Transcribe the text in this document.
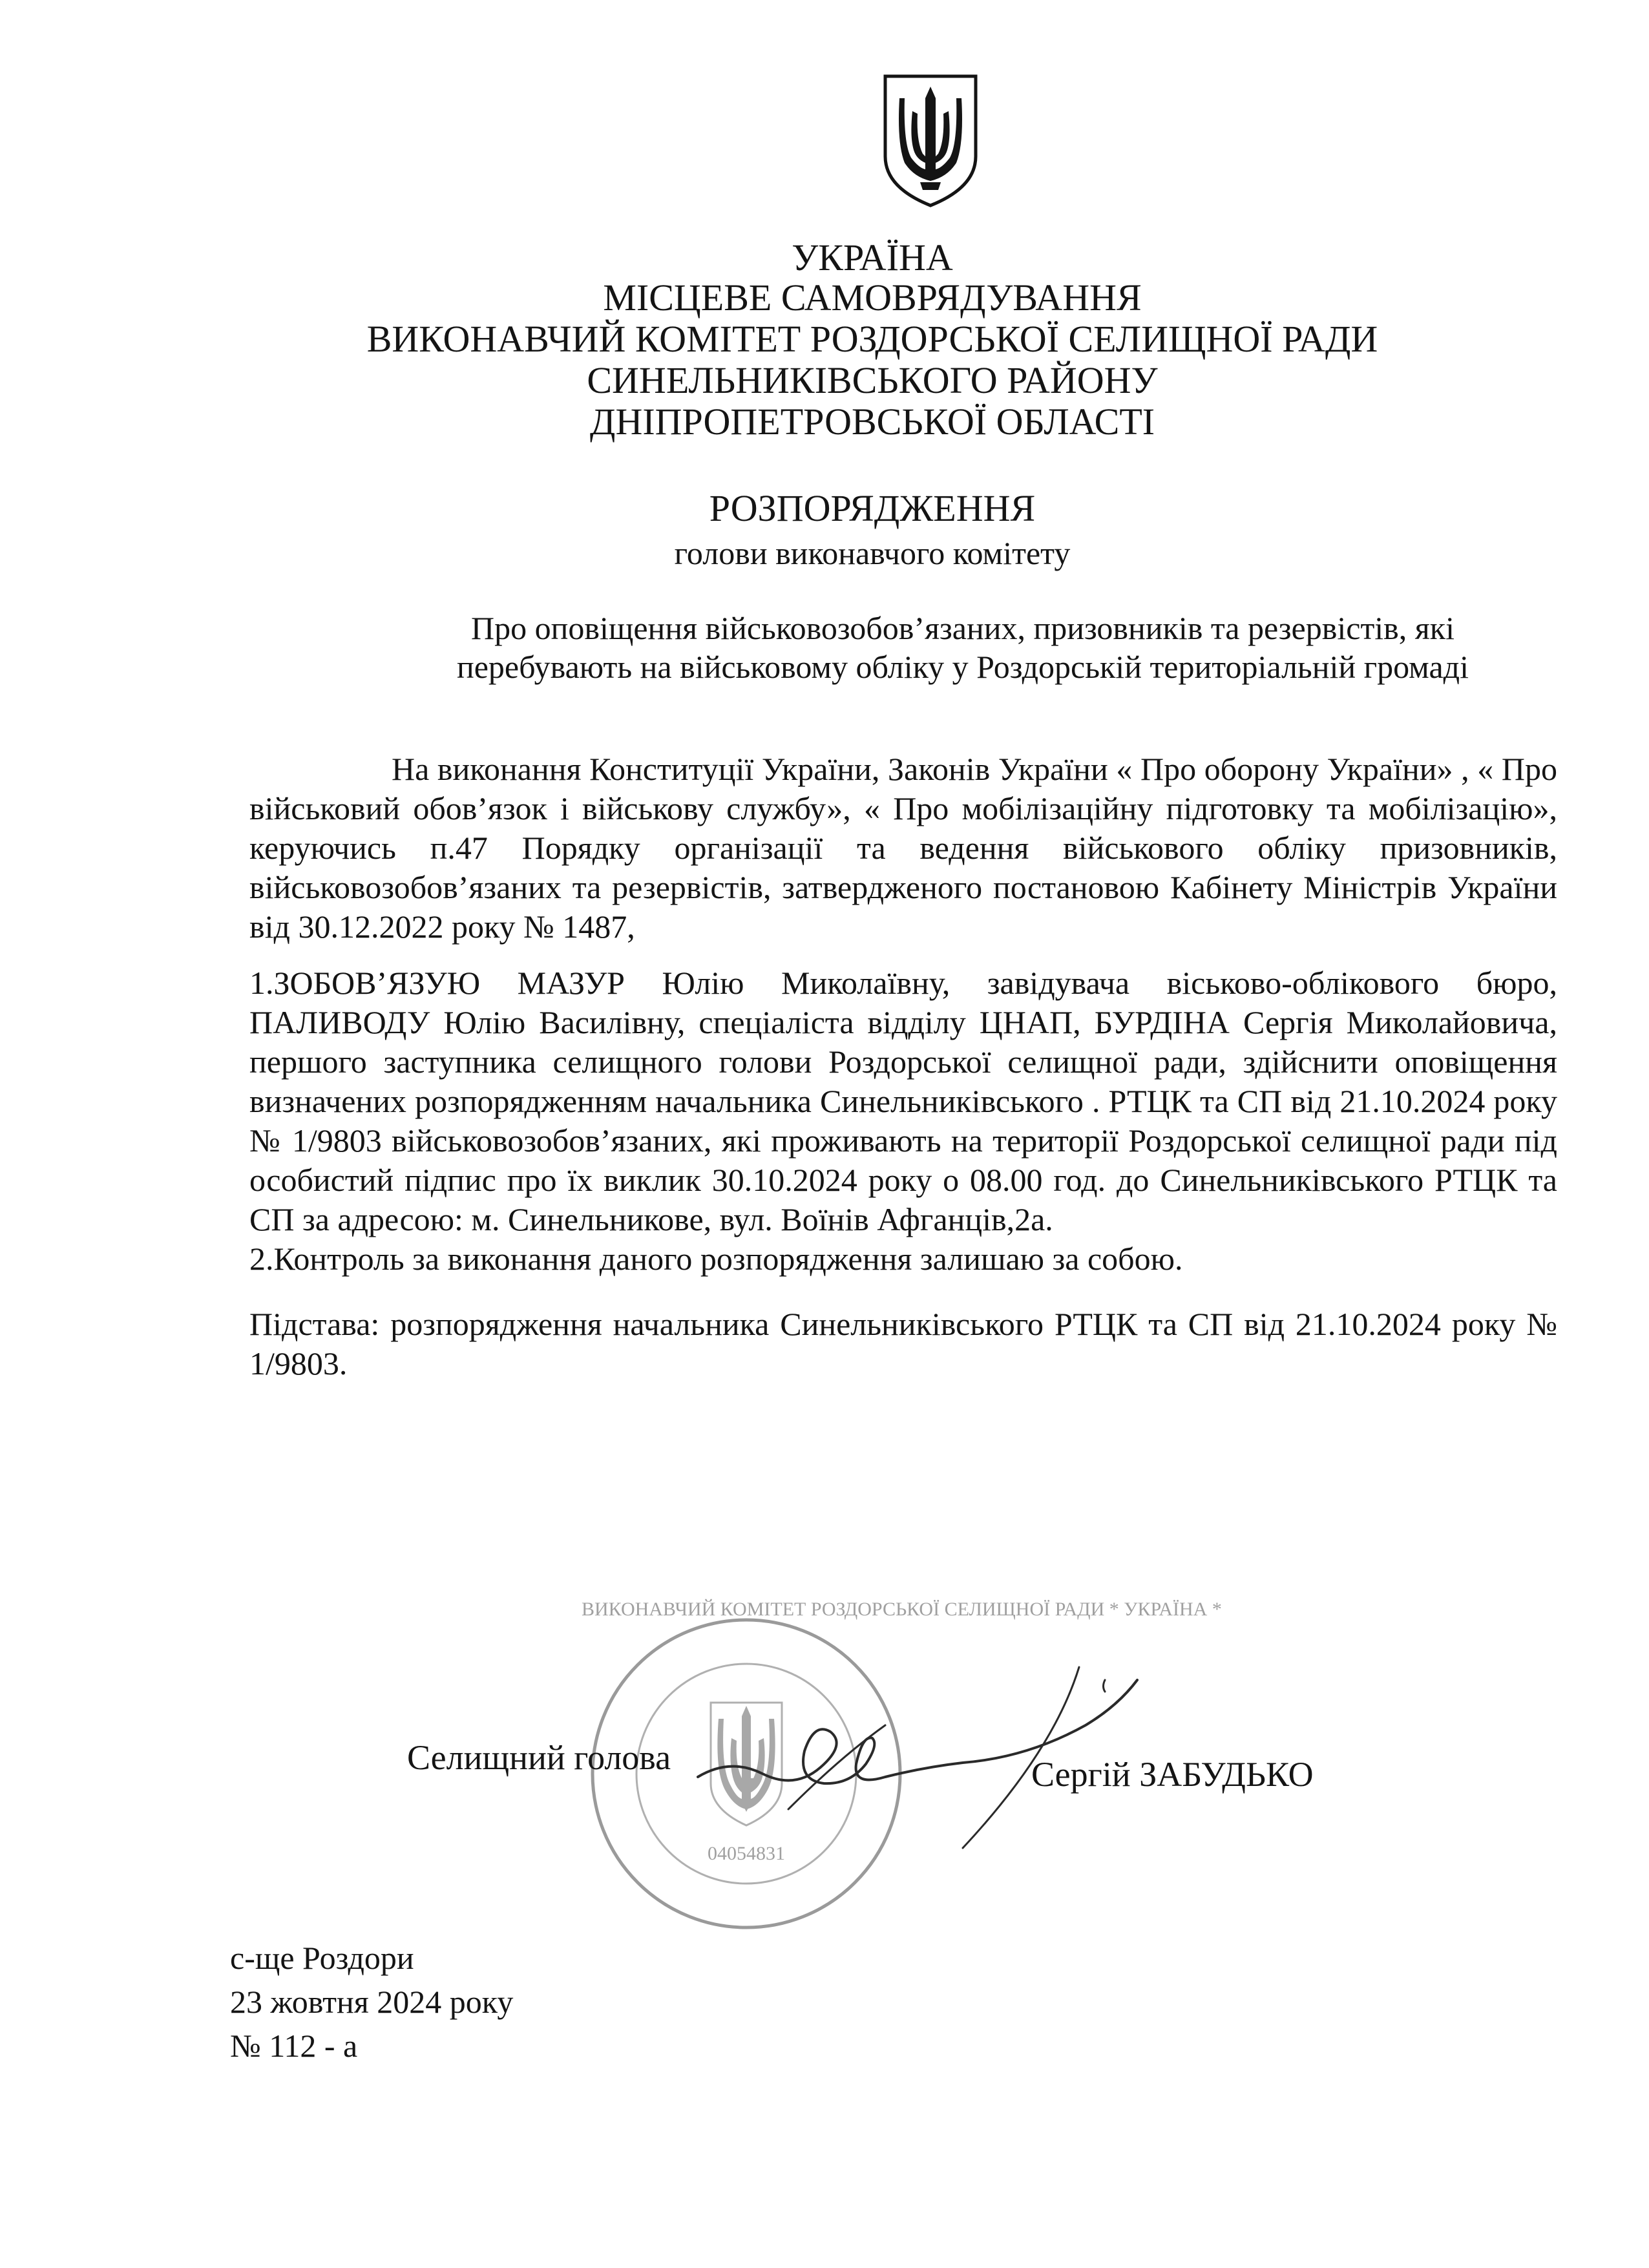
УКРАЇНА
МІСЦЕВЕ САМОВРЯДУВАННЯ
ВИКОНАВЧИЙ КОМІТЕТ РОЗДОРСЬКОЇ СЕЛИЩНОЇ РАДИ
СИНЕЛЬНИКІВСЬКОГО РАЙОНУ
ДНІПРОПЕТРОВСЬКОЇ ОБЛАСТІ
РОЗПОРЯДЖЕННЯ
голови виконавчого комітету
Про оповіщення військовозобов’язаних, призовників та резервістів, які
перебувають на військовому обліку у Роздорській територіальній громаді

На виконання Конституції України, Законів України « Про оборону України» , « Про військовий обов’язок і військову службу», « Про мобілізаційну підготовку та мобілізацію», керуючись п.47 Порядку організації та ведення військового обліку призовників, військовозобов’язаних та резервістів, затвердженого постановою Кабінету Міністрів України від 30.12.2022 року № 1487,

1.ЗОБОВ’ЯЗУЮ МАЗУР Юлію Миколаївну, завідувача віськово-облікового бюро, ПАЛИВОДУ Юлію Василівну, спеціаліста відділу ЦНАП, БУРДІНА Сергія Миколайовича, першого заступника селищного голови Роздорської селищної ради, здійснити оповіщення визначених розпорядженням начальника Синельниківського . РТЦК та СП від 21.10.2024 року № 1/9803 військовозобов’язаних, які проживають на території Роздорської селищної ради під особистий підпис про їх виклик 30.10.2024 року о 08.00 год. до Синельниківського РТЦК та СП за адресою: м. Синельникове, вул. Воїнів Афганців,2а.

2.Контроль за виконання даного розпорядження залишаю за собою.

Підстава: розпорядження начальника Синельниківського РТЦК та СП від 21.10.2024 року № 1/9803.

ВИКОНАВЧИЙ КОМІТЕТ РОЗДОРСЬКОЇ СЕЛИЩНОЇ РАДИ * УКРАЇНА *
04054831
Селищний голова	Сергій ЗАБУДЬКО
с-ще Роздори
23 жовтня 2024 року
№ 112 - а
